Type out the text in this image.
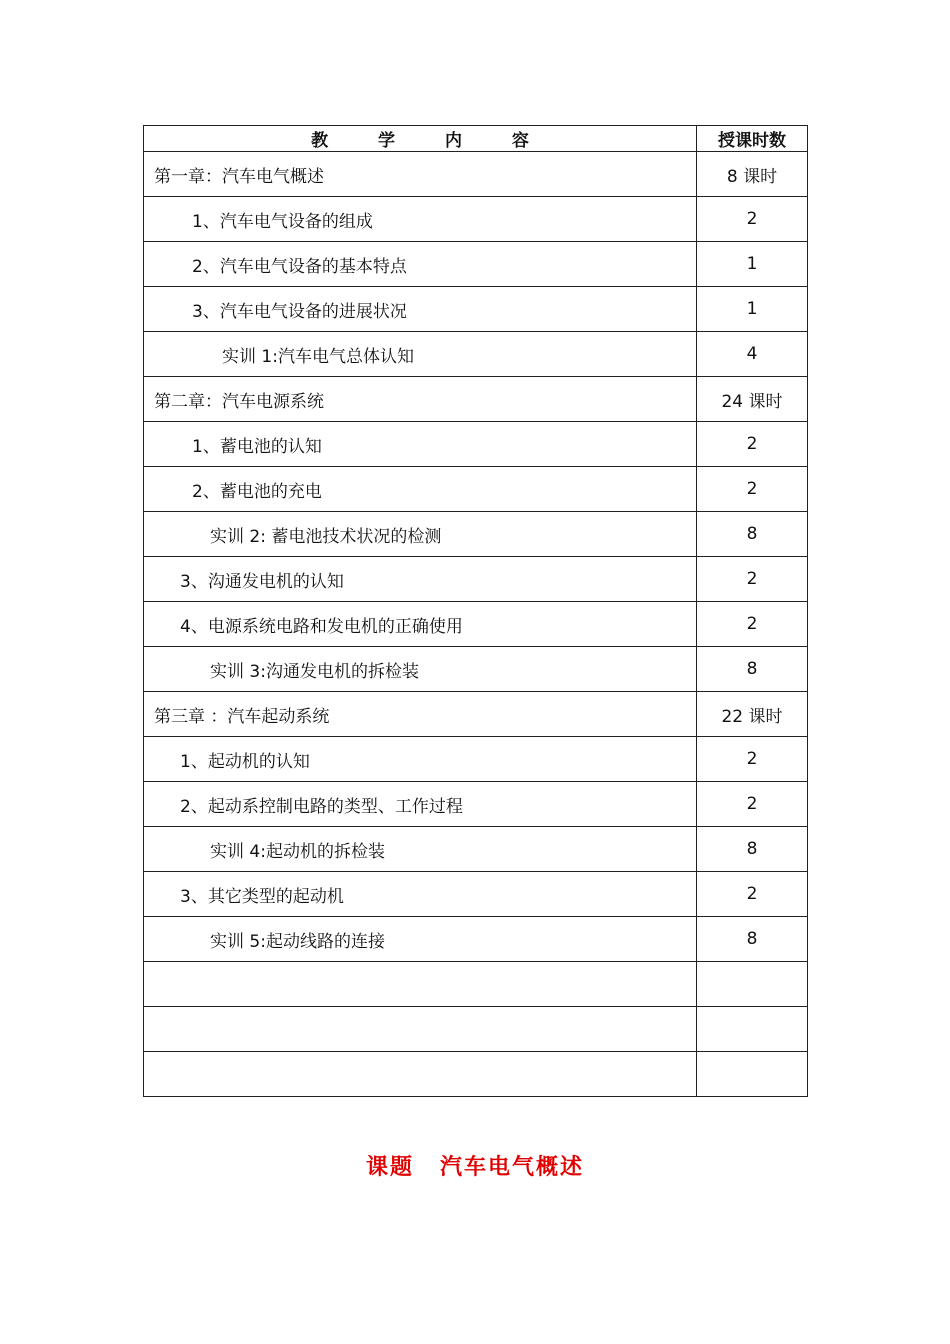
教 学 内 容	授课时数
第一章：汽车电气概述	8 课时
1、汽车电气设备的组成	2
2、汽车电气设备的基本特点	1
3、汽车电气设备的进展状况	1
实训 1:汽车电气总体认知	4
第二章：汽车电源系统	24 课时
1、蓄电池的认知	2
2、蓄电池的充电	2
实训 2: 蓄电池技术状况的检测	8
3、沟通发电机的认知	2
4、电源系统电路和发电机的正确使用	2
实训 3:沟通发电机的拆检装	8
第三章 ：汽车起动系统	22 课时
1、起动机的认知	2
2、起动系控制电路的类型、工作过程	2
实训 4:起动机的拆检装	8
3、其它类型的起动机	2
实训 5:起动线路的连接	8

课题 汽车电气概述
